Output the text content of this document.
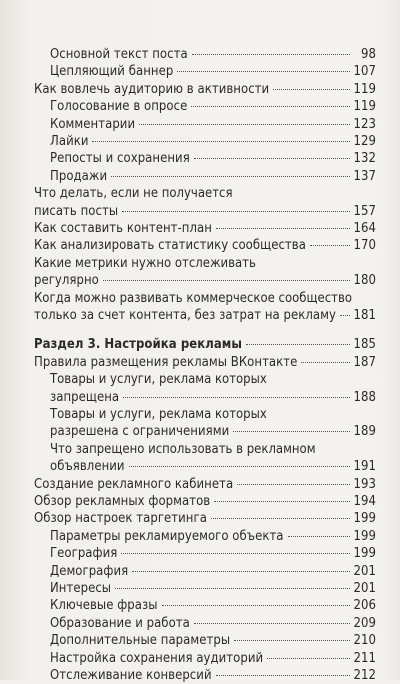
Основной текст поста	98
Цепляющий баннер	107
Как вовлечь аудиторию в активности	119
Голосование в опросе	119
Комментарии	123
Лайки	129
Репосты и сохранения	132
Продажи	137
Что делать, если не получается
писать посты	157
Как составить контент-план	164
Как анализировать статистику сообщества	170
Какие метрики нужно отслеживать
регулярно	180
Когда можно развивать коммерческое сообщество
только за счет контента, без затрат на рекламу 181
Раздел 3. Настройка рекламы	185
Правила размещения рекламы ВКонтакте	187
Товары и услуги, реклама которых
запрещена	188
Товары и услуги, реклама которых
разрешена с ограничениями	189
Что запрещено использовать в рекламном
объявлении	191
Создание рекламного кабинета	193
Обзор рекламных форматов	194
Обзор настроек таргетинга	199
Параметры рекламируемого объекта	199
География	199
Демография	201
Интересы	201
Ключевые фразы	206
Образование и работа	209
Дополнительные параметры	210
Настройка сохранения аудиторий	211
Отслеживание конверсий	212
